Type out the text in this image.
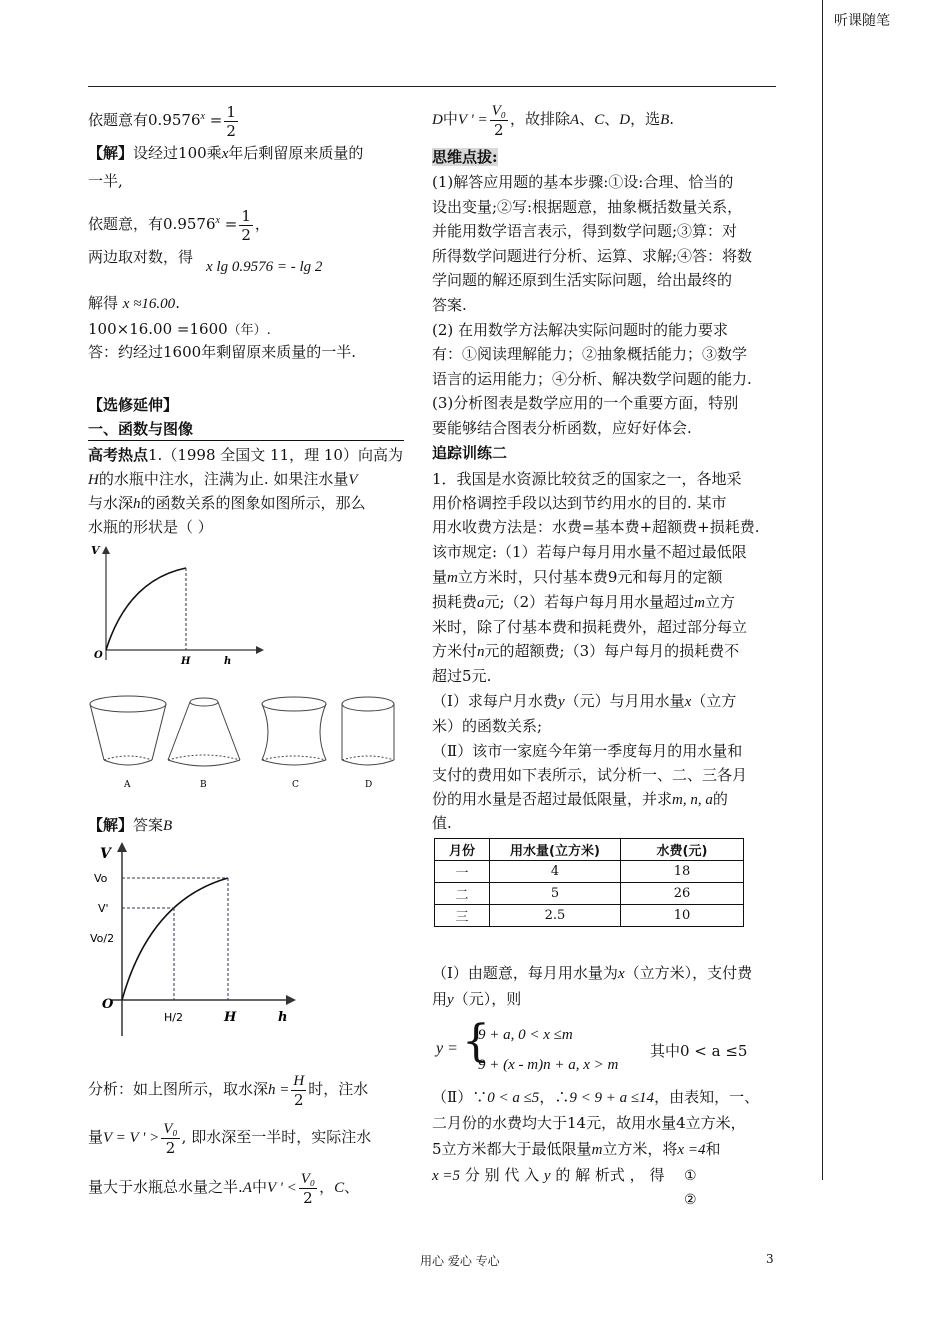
听课随笔
依题意有$0.9576^x = \frac{1}{2}$
【解】设经过100乘x年后剩留原来质量的
一半,
依题意，有$0.9576^x = \frac{1}{2}$ ，
两边取对数，得
x lg 0.9576 = - lg 2
解得 x ≈16.00.
100×16.00 =1600（年）.
答：约经过1600年剩留原来质量的一半.
【选修延伸】
一、函数与图像
高考热点1.（1998 全国文 11，理 10）向高为
H的水瓶中注水，注满为止. 如果注水量V
与水深h的函数关系的图象如图所示，那么
水瓶的形状是（ ）
V
O
H	h
A	B	C	D
【解】答案B
V
Vo
V'
Vo/2
O
H/2	H	h
分析：如上图所示，取水深$h = \frac{H}{2}$ 时，注水
量V = V ' > $\frac{\text{V₀}}{2}$ , 即水深至一半时，实际注水
量大于水瓶总水量之半.A中V ' < $\frac{\text{V₀}}{2}$ ，C、
D中V ' = $\frac{\text{V₀}}{2}$ ，故排除A、C、D，选B.
思维点拔:
(1)解答应用题的基本步骤:①设:合理、恰当的
设出变量;②写:根据题意，抽象概括数量关系，
并能用数学语言表示，得到数学问题;③算：对
所得数学问题进行分析、运算、求解;④答：将数
学问题的解还原到生活实际问题，给出最终的
答案.
(2) 在用数学方法解决实际问题时的能力要求
有：①阅读理解能力；②抽象概括能力；③数学
语言的运用能力；④分析、解决数学问题的能力.
(3)分析图表是数学应用的一个重要方面，特别
要能够结合图表分析函数，应好好体会.
追踪训练二
1．我国是水资源比较贫乏的国家之一，各地采
用价格调控手段以达到节约用水的目的. 某市
用水收费方法是：水费=基本费+超额费+损耗费.
该市规定:（1）若每户每月用水量不超过最低限
量m立方米时，只付基本费9元和每月的定额
损耗费a元;（2）若每户每月用水量超过m立方
米时，除了付基本费和损耗费外，超过部分每立
方米付n元的超额费;（3）每户每月的损耗费不
超过5元.
（Ⅰ）求每户月水费y（元）与月用水量x（立方
米）的函数关系;
（Ⅱ）该市一家庭今年第一季度每月的用水量和
支付的费用如下表所示，试分析一、二、三各月
份的用水量是否超过最低限量，并求m, n, a的
值.
月份	用水量(立方米)	水费(元)
一	4	18
二	5	26
三	2.5	10
（Ⅰ）由题意，每月用水量为x（立方米），支付费
用y（元），则
y = {
9 + a, 0 < x ≤m
9 + (x - m)n + a, x > m
其中0 < a ≤5
（Ⅱ）∵0 < a ≤5，∴9 < 9 + a ≤14，由表知，一、
二月份的水费均大于14元，故用水量4立方米，
5立方米都大于最低限量m立方米，将x =4和
x =5 分 别 代 入 y 的 解 析式 ， 得 ①
②
用心 爱心 专心	3
